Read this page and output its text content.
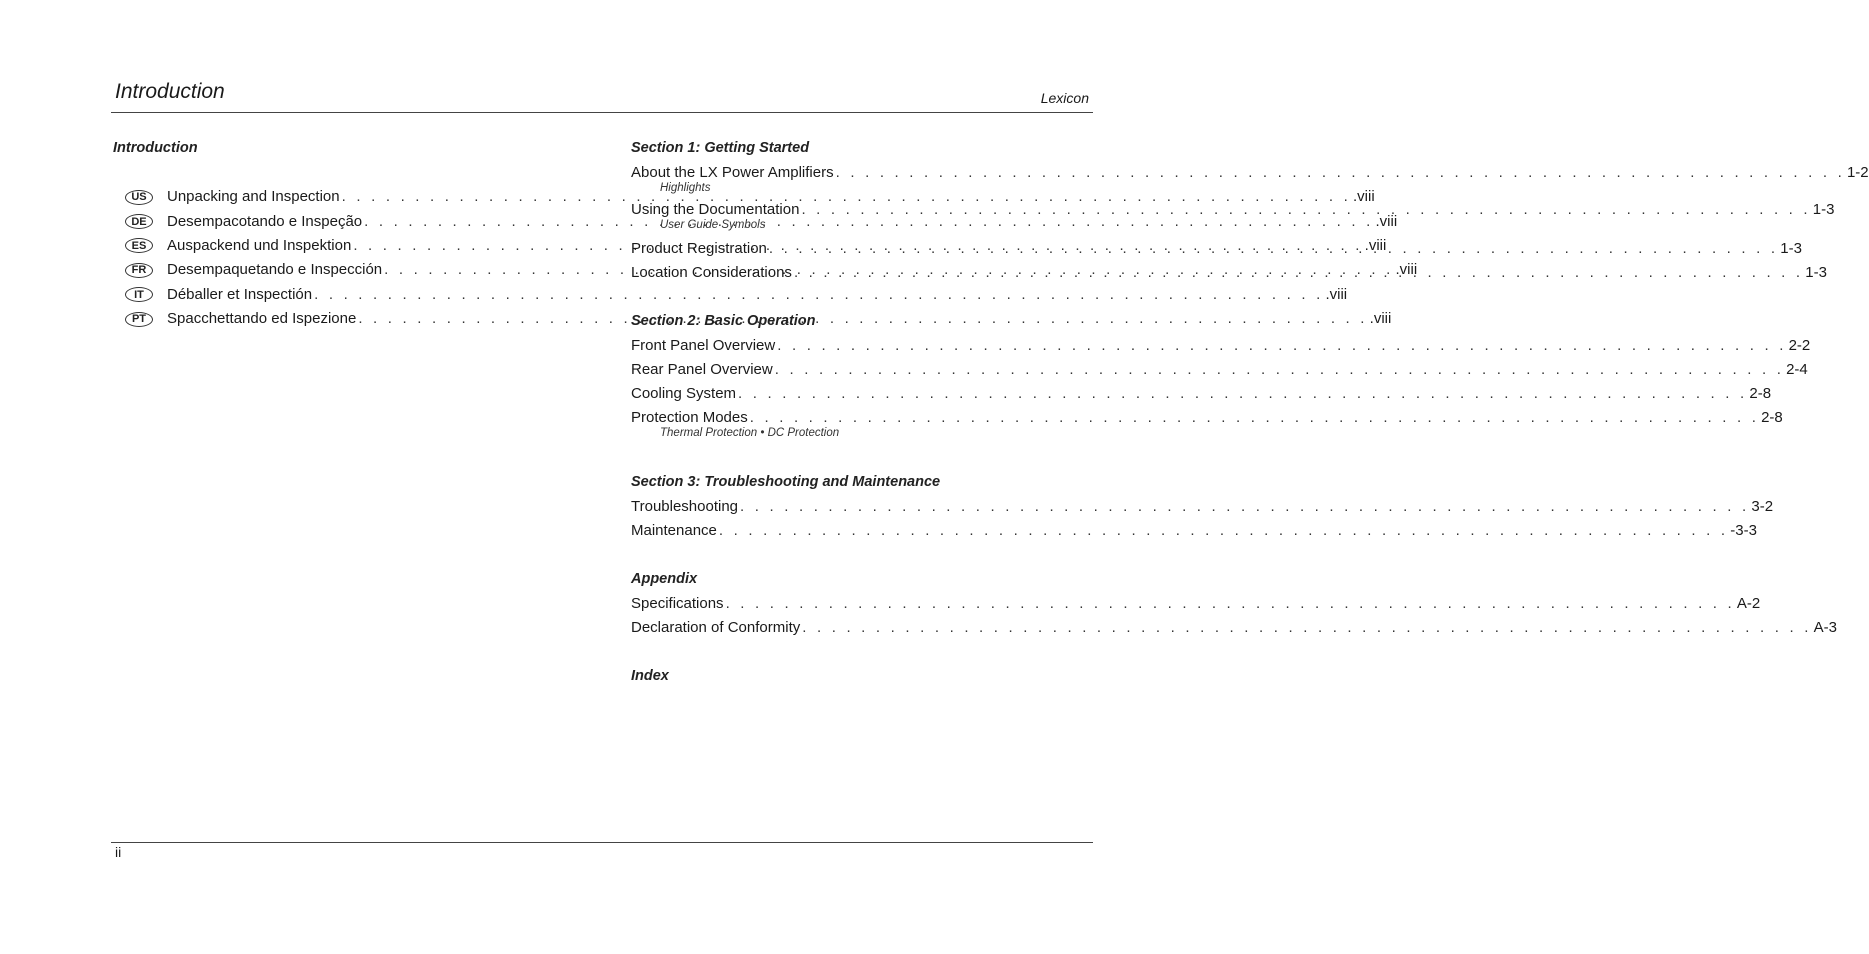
Introduction	Lexicon
Introduction
US	Unpacking and Inspection . . .	.viii
DE	Desempacotando e Inspeção . . .	.viii
ES	Auspackend und Inspektion . . .	.viii
FR	Desempaquetando e Inspección . . .	.viii
IT	Déballer et Inspectión . . .	.viii
PT	Spacchettando ed Ispezione . . .	.viii
Section 1: Getting Started
About the LX Power Amplifiers . . .	1-2
Highlights
Using the Documentation . . .	1-3
User Guide Symbols
Product Registration . . .	1-3
Location Considerations . . .	1-3
Section 2: Basic Operation
Front Panel Overview . . .	2-2
Rear Panel Overview . . .	2-4
Cooling System . . .	2-8
Protection Modes . . .	2-8
Thermal Protection • DC Protection
Section 3: Troubleshooting and Maintenance
Troubleshooting . . .	3-2
Maintenance . . .	-3-3
Appendix
Specifications . . .	A-2
Declaration of Conformity . . .	A-3
Index
ii
